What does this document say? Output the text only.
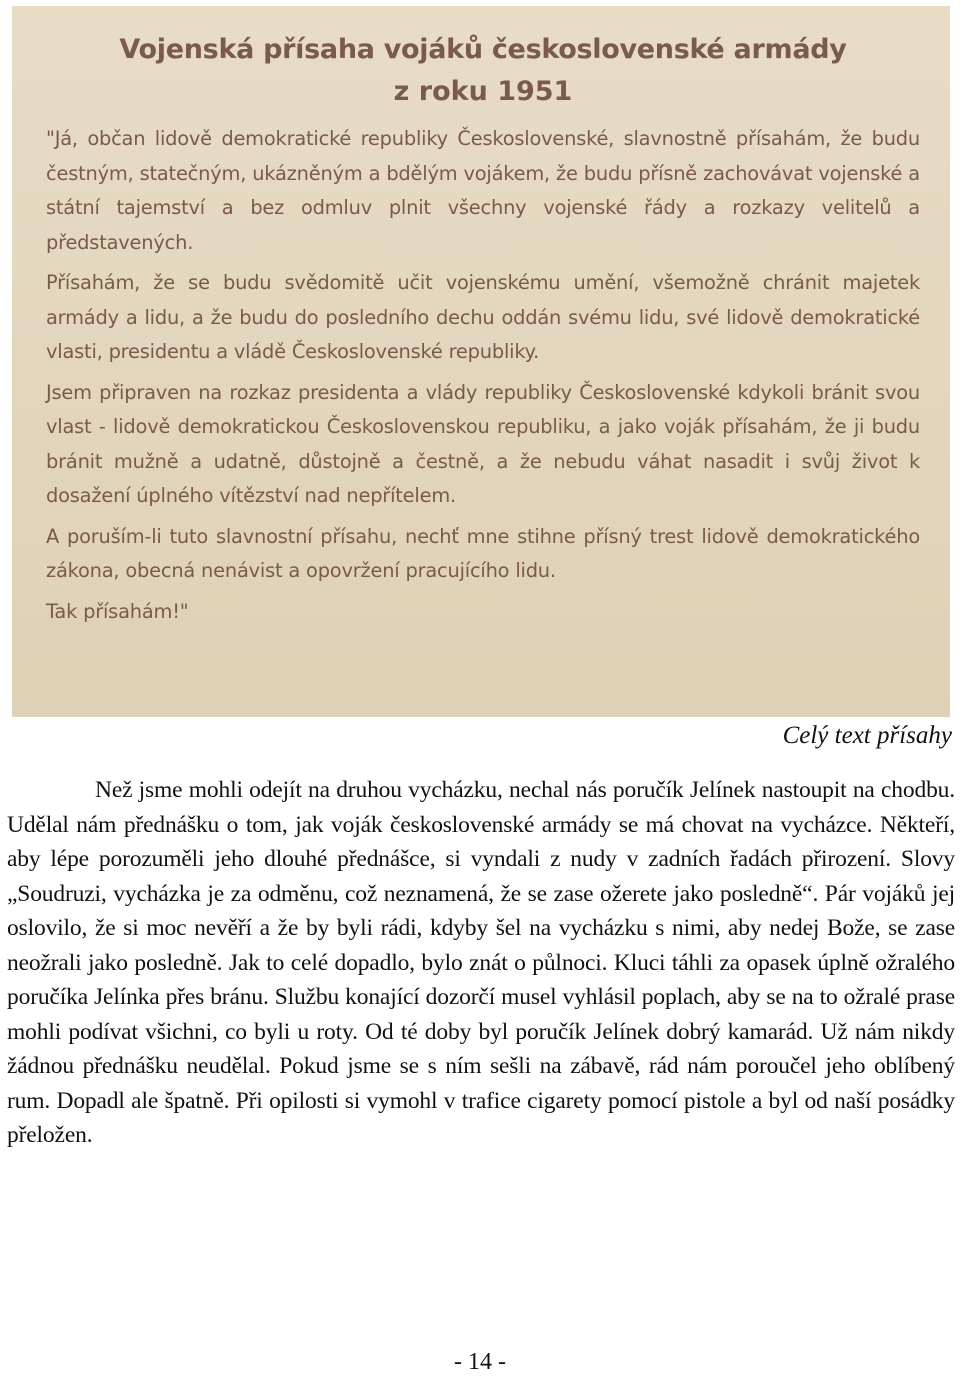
Vojenská přísaha vojáků československé armády
z roku 1951

"Já, občan lidově demokratické republiky Československé, slavnostně přísahám, že budu čestným, statečným, ukázněným a bdělým vojákem, že budu přísně zachovávat vojenské a státní tajemství a bez odmluv plnit všechny vojenské řády a rozkazy velitelů a představených.

Přísahám, že se budu svědomitě učit vojenskému umění, všemožně chránit majetek armády a lidu, a že budu do posledního dechu oddán svému lidu, své lidově demokratické vlasti, presidentu a vládě Československé republiky.

Jsem připraven na rozkaz presidenta a vlády republiky Československé kdykoli bránit svou vlast - lidově demokratickou Československou republiku, a jako voják přísahám, že ji budu bránit mužně a udatně, důstojně a čestně, a že nebudu váhat nasadit i svůj život k dosažení úplného vítězství nad nepřítelem.

A poruším-li tuto slavnostní přísahu, nechť mne stihne přísný trest lidově demokratického zákona, obecná nenávist a opovržení pracujícího lidu.

Tak přísahám!"

Celý text přísahy

Než jsme mohli odejít na druhou vycházku, nechal nás poručík Jelínek nastoupit na chodbu. Udělal nám přednášku o tom, jak voják československé armády se má chovat na vycházce. Někteří, aby lépe porozuměli jeho dlouhé přednášce, si vyndali z nudy v zadních řadách přirození. Slovy „Soudruzi, vycházka je za odměnu, což neznamená, že se zase ožerete jako posledně“. Pár vojáků jej oslovilo, že si moc nevěří a že by byli rádi, kdyby šel na vycházku s nimi, aby nedej Bože, se zase neožrali jako posledně. Jak to celé dopadlo, bylo znát o půlnoci. Kluci táhli za opasek úplně ožralého poručíka Jelínka přes bránu. Službu konající dozorčí musel vyhlásil poplach, aby se na to ožralé prase mohli podívat všichni, co byli u roty. Od té doby byl poručík Jelínek dobrý kamarád. Už nám nikdy žádnou přednášku neudělal. Pokud jsme se s ním sešli na zábavě, rád nám poroučel jeho oblíbený rum. Dopadl ale špatně. Při opilosti si vymohl v trafice cigarety pomocí pistole a byl od naší posádky přeložen.

- 14 -
